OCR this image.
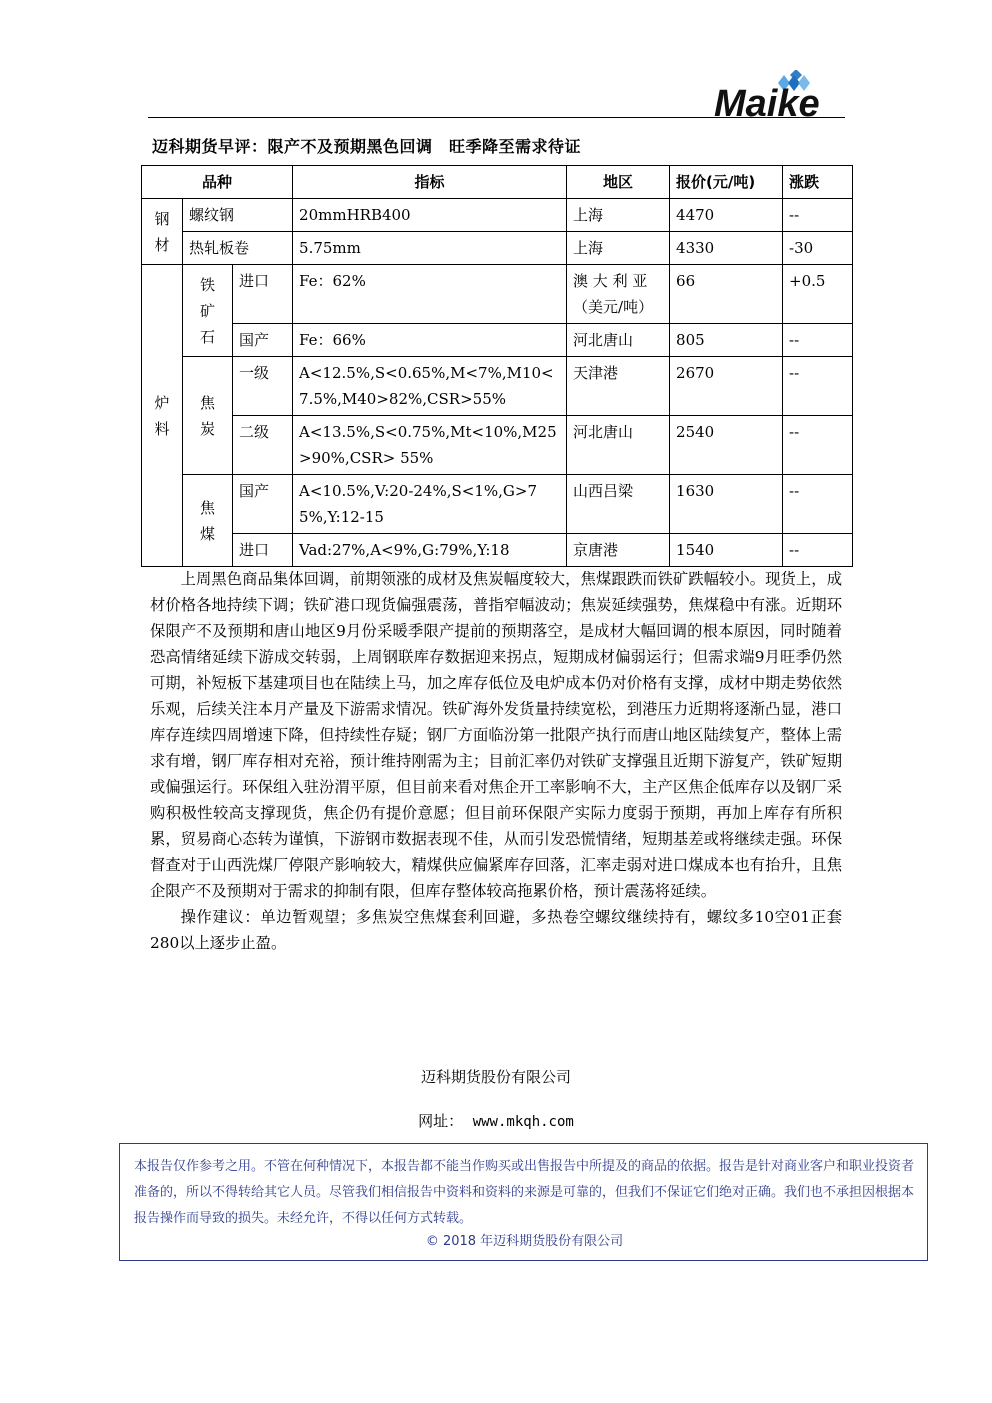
Maike
迈科期货早评：限产不及预期黑色回调　旺季降至需求待证
品种			指标	地区	报价(元/吨)	涨跌

钢材	螺纹钢		20mmHRB400	上海	4470	--
	热轧板卷		5.75mm	上海	4330	-30

炉料	铁矿石	进口	Fe：62%	澳 大 利 亚（美元/吨）	66	+0.5
		国产	Fe：66%	河北唐山	805	--

	焦炭	一级	A<12.5%,S<0.65%,M<7%,M10<7.5%,M40>82%,CSR>55%	天津港	2670	--
		二级	A<13.5%,S<0.75%,Mt<10%,M25>90%,CSR> 55%	河北唐山	2540	--

	焦煤	国产	A<10.5%,V:20-24%,S<1%,G>75%,Y:12-15	山西吕梁	1630	--
		进口	Vad:27%,A<9%,G:79%,Y:18	京唐港	1540	--

上周黑色商品集体回调，前期领涨的成材及焦炭幅度较大，焦煤跟跌而铁矿跌幅较小。现货上，成材价格各地持续下调；铁矿港口现货偏强震荡，普指窄幅波动；焦炭延续强势，焦煤稳中有涨。近期环保限产不及预期和唐山地区9月份采暖季限产提前的预期落空，是成材大幅回调的根本原因，同时随着恐高情绪延续下游成交转弱，上周钢联库存数据迎来拐点，短期成材偏弱运行；但需求端9月旺季仍然可期，补短板下基建项目也在陆续上马，加之库存低位及电炉成本仍对价格有支撑，成材中期走势依然乐观，后续关注本月产量及下游需求情况。铁矿海外发货量持续宽松，到港压力近期将逐渐凸显，港口库存连续四周增速下降，但持续性存疑；钢厂方面临汾第一批限产执行而唐山地区陆续复产，整体上需求有增，钢厂库存相对充裕，预计维持刚需为主；目前汇率仍对铁矿支撑强且近期下游复产，铁矿短期或偏强运行。环保组入驻汾渭平原，但目前来看对焦企开工率影响不大，主产区焦企低库存以及钢厂采购积极性较高支撑现货，焦企仍有提价意愿；但目前环保限产实际力度弱于预期，再加上库存有所积累，贸易商心态转为谨慎，下游钢市数据表现不佳，从而引发恐慌情绪，短期基差或将继续走强。环保督查对于山西洗煤厂停限产影响较大，精煤供应偏紧库存回落，汇率走弱对进口煤成本也有抬升，且焦企限产不及预期对于需求的抑制有限，但库存整体较高拖累价格，预计震荡将延续。

操作建议：单边暂观望；多焦炭空焦煤套利回避，多热卷空螺纹继续持有，螺纹多10空01正套280以上逐步止盈。

迈科期货股份有限公司
网址： www.mkqh.com
本报告仅作参考之用。不管在何种情况下，本报告都不能当作购买或出售报告中所提及的商品的依据。报告是针对商业客户和职业投资者准备的，所以不得转给其它人员。尽管我们相信报告中资料和资料的来源是可靠的，但我们不保证它们绝对正确。我们也不承担因根据本报告操作而导致的损失。未经允许，不得以任何方式转载。
© 2018 年迈科期货股份有限公司
